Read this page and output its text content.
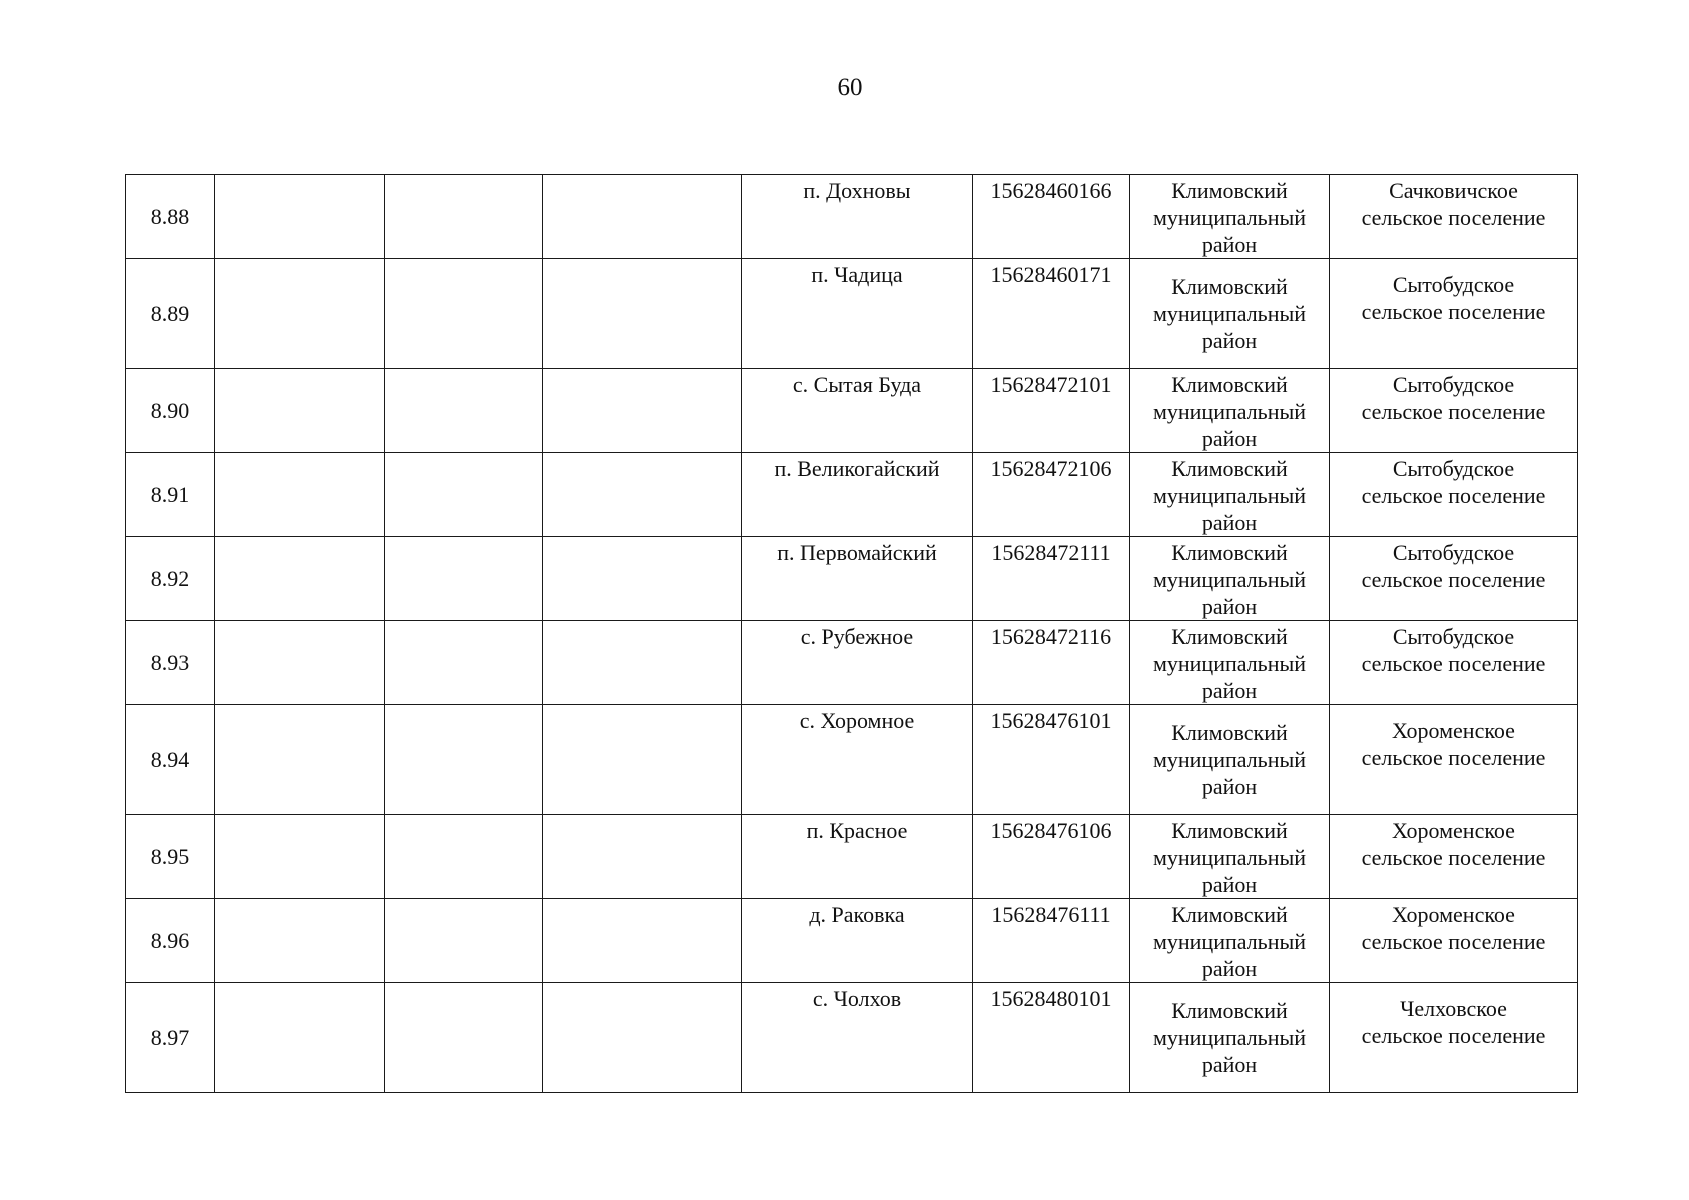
60
8.88				п. Дохновы	15628460166	Климовский
муниципальный
район	Сачковичское
сельское поселение

8.89				п. Чадица	15628460171	Климовский
муниципальный
район	Сытобудское
сельское поселение

8.90				с. Сытая Буда	15628472101	Климовский
муниципальный
район	Сытобудское
сельское поселение

8.91				п. Великогайский	15628472106	Климовский
муниципальный
район	Сытобудское
сельское поселение

8.92				п. Первомайский	15628472111	Климовский
муниципальный
район	Сытобудское
сельское поселение

8.93				с. Рубежное	15628472116	Климовский
муниципальный
район	Сытобудское
сельское поселение

8.94				с. Хоромное	15628476101	Климовский
муниципальный
район	Хороменское
сельское поселение

8.95				п. Красное	15628476106	Климовский
муниципальный
район	Хороменское
сельское поселение

8.96				д. Раковка	15628476111	Климовский
муниципальный
район	Хороменское
сельское поселение

8.97				с. Чолхов	15628480101	Климовский
муниципальный
район	Челховское
сельское поселение
